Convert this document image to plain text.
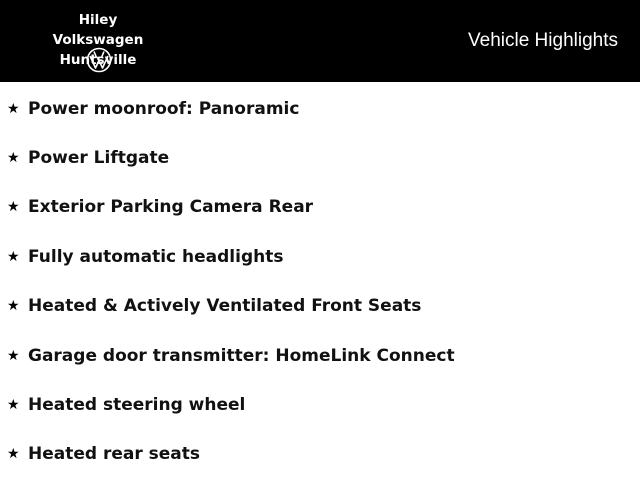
Hiley Volkswagen
Huntsville
Vehicle Highlights
★ Power moonroof: Panoramic
★ Power Liftgate
★ Exterior Parking Camera Rear
★ Fully automatic headlights
★ Heated & Actively Ventilated Front Seats
★ Garage door transmitter: HomeLink Connect
★ Heated steering wheel
★ Heated rear seats
